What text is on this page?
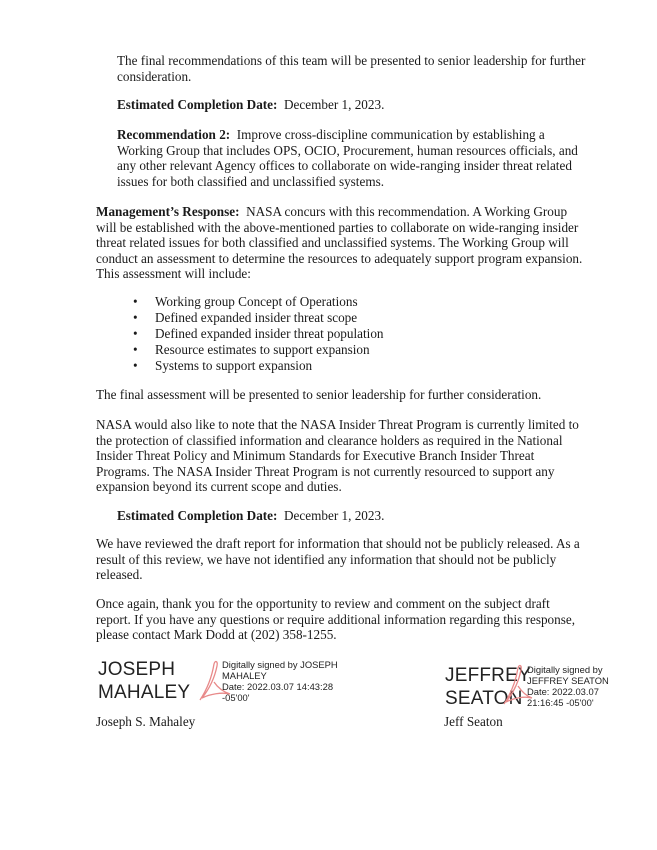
The final recommendations of this team will be presented to senior leadership for further consideration.

Estimated Completion Date: December 1, 2023.

Recommendation 2: Improve cross-discipline communication by establishing a Working Group that includes OPS, OCIO, Procurement, human resources officials, and any other relevant Agency offices to collaborate on wide-ranging insider threat related issues for both classified and unclassified systems.

Management’s Response: NASA concurs with this recommendation. A Working Group will be established with the above-mentioned parties to collaborate on wide-ranging insider threat related issues for both classified and unclassified systems. The Working Group will conduct an assessment to determine the resources to adequately support program expansion. This assessment will include:

• Working group Concept of Operations
• Defined expanded insider threat scope
• Defined expanded insider threat population
• Resource estimates to support expansion
• Systems to support expansion

The final assessment will be presented to senior leadership for further consideration.

NASA would also like to note that the NASA Insider Threat Program is currently limited to the protection of classified information and clearance holders as required in the National Insider Threat Policy and Minimum Standards for Executive Branch Insider Threat Programs. The NASA Insider Threat Program is not currently resourced to support any expansion beyond its current scope and duties.

Estimated Completion Date: December 1, 2023.

We have reviewed the draft report for information that should not be publicly released. As a result of this review, we have not identified any information that should not be publicly released.

Once again, thank you for the opportunity to review and comment on the subject draft report. If you have any questions or require additional information regarding this response, please contact Mark Dodd at (202) 358-1255.

JOSEPH
MAHALEY
Digitally signed by JOSEPH
MAHALEY
Date: 2022.03.07 14:43:28
-05'00'
Joseph S. Mahaley
JEFFREY
SEATON
Digitally signed by
JEFFREY SEATON
Date: 2022.03.07
21:16:45 -05'00'
Jeff Seaton
